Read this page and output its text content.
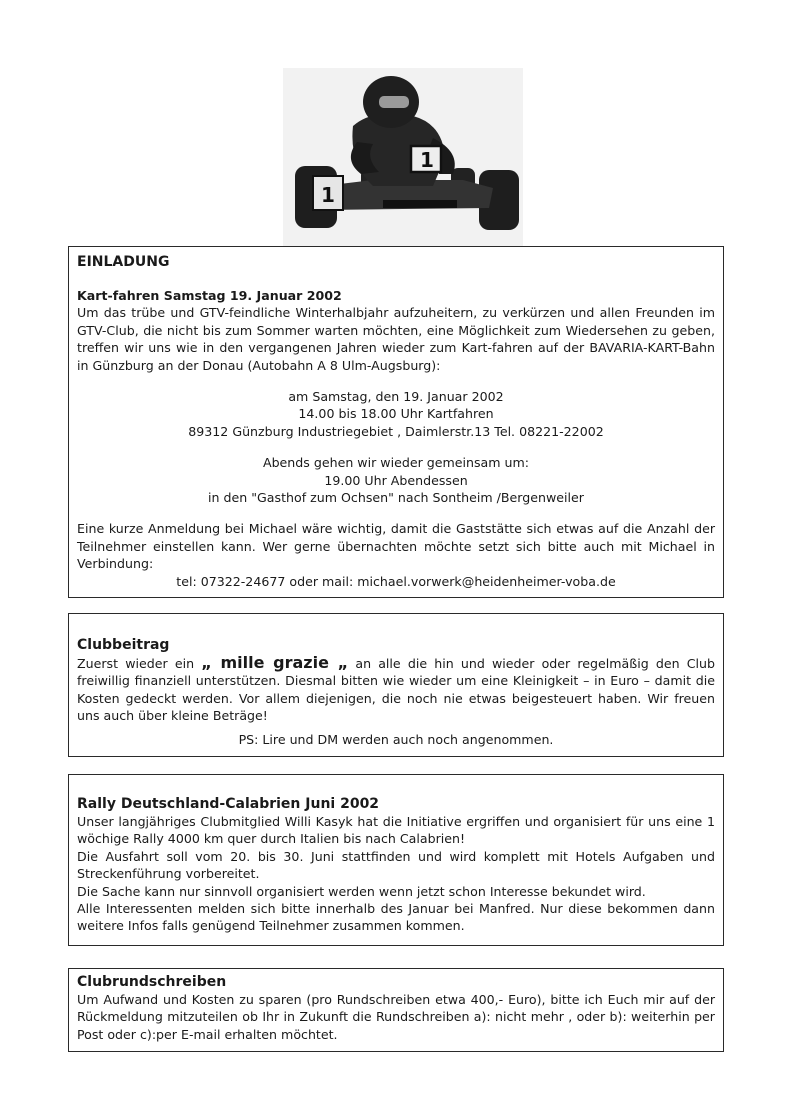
1
1

EINLADUNG

Kart-fahren Samstag 19. Januar 2002

Um das trübe und GTV-feindliche Winterhalbjahr aufzuheitern, zu verkürzen und allen Freunden im GTV-Club, die nicht bis zum Sommer warten möchten, eine Möglichkeit zum Wiedersehen zu geben, treffen wir uns wie in den vergangenen Jahren wieder zum Kart-fahren auf der BAVARIA-KART-Bahn in Günzburg an der Donau (Autobahn A 8 Ulm-Augsburg):

am Samstag, den 19. Januar 2002

14.00 bis 18.00 Uhr Kartfahren

89312 Günzburg Industriegebiet , Daimlerstr.13 Tel. 08221-22002

Abends gehen wir wieder gemeinsam um:

19.00 Uhr Abendessen

in den "Gasthof zum Ochsen" nach Sontheim /Bergenweiler

Eine kurze Anmeldung bei Michael wäre wichtig, damit die Gaststätte sich etwas auf die Anzahl der Teilnehmer einstellen kann. Wer gerne übernachten möchte setzt sich bitte auch mit Michael in Verbindung:

tel: 07322-24677 oder mail: michael.vorwerk@heidenheimer-voba.de

Clubbeitrag

Zuerst wieder ein „ mille grazie „ an alle die hin und wieder oder regelmäßig den Club freiwillig finanziell unterstützen. Diesmal bitten wie wieder um eine Kleinigkeit – in Euro – damit die Kosten gedeckt werden. Vor allem diejenigen, die noch nie etwas beigesteuert haben. Wir freuen uns auch über kleine Beträge!

PS: Lire und DM werden auch noch angenommen.

Rally Deutschland-Calabrien Juni 2002

Unser langjähriges Clubmitglied Willi Kasyk hat die Initiative ergriffen und organisiert für uns eine 1 wöchige Rally 4000 km quer durch Italien bis nach Calabrien!

Die Ausfahrt soll vom 20. bis 30. Juni stattfinden und wird komplett mit Hotels Aufgaben und Streckenführung vorbereitet.

Die Sache kann nur sinnvoll organisiert werden wenn jetzt schon Interesse bekundet wird.

Alle Interessenten melden sich bitte innerhalb des Januar bei Manfred. Nur diese bekommen dann weitere Infos falls genügend Teilnehmer zusammen kommen.

Clubrundschreiben

Um Aufwand und Kosten zu sparen (pro Rundschreiben etwa 400,- Euro), bitte ich Euch mir auf der Rückmeldung mitzuteilen ob Ihr in Zukunft die Rundschreiben a): nicht mehr , oder b): weiterhin per Post oder c):per E-mail erhalten möchtet.
